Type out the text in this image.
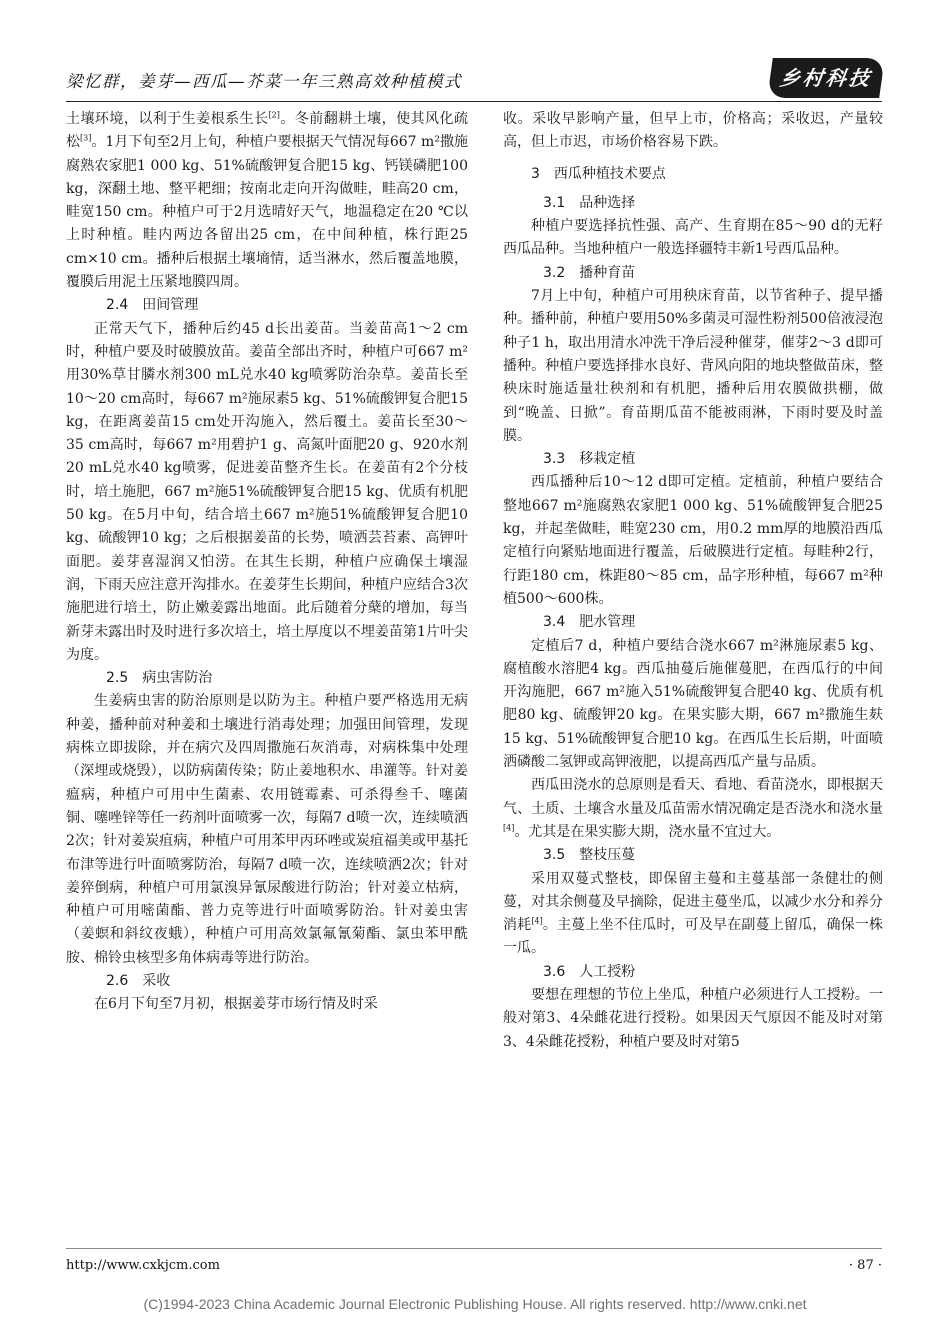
梁忆群，姜芽—西瓜—芥菜一年三熟高效种植模式	乡村科技

土壤环境，以利于生姜根系生长[2]。冬前翻耕土壤，使其风化疏松[3]。1月下旬至2月上旬，种植户要根据天气情况每667 m²撒施腐熟农家肥1 000 kg、51%硫酸钾复合肥15 kg、钙镁磷肥100 kg，深翻土地、整平耙细；按南北走向开沟做畦，畦高20 cm，畦宽150 cm。种植户可于2月选晴好天气，地温稳定在20 ℃以上时种植。畦内两边各留出25 cm，在中间种植，株行距25 cm×10 cm。播种后根据土壤墒情，适当淋水，然后覆盖地膜，覆膜后用泥土压紧地膜四周。

2.4　田间管理

正常天气下，播种后约45 d长出姜苗。当姜苗高1～2 cm时，种植户要及时破膜放苗。姜苗全部出齐时，种植户可667 m²用30%草甘膦水剂300 mL兑水40 kg喷雾防治杂草。姜苗长至10～20 cm高时，每667 m²施尿素5 kg、51%硫酸钾复合肥15 kg，在距离姜苗15 cm处开沟施入，然后覆土。姜苗长至30～35 cm高时，每667 m²用碧护1 g、高氮叶面肥20 g、920水剂20 mL兑水40 kg喷雾，促进姜苗整齐生长。在姜苗有2个分枝时，培土施肥，667 m²施51%硫酸钾复合肥15 kg、优质有机肥50 kg。在5月中旬，结合培土667 m²施51%硫酸钾复合肥10 kg、硫酸钾10 kg；之后根据姜苗的长势，喷洒芸苔素、高钾叶面肥。姜芽喜湿润又怕涝。在其生长期，种植户应确保土壤湿润，下雨天应注意开沟排水。在姜芽生长期间，种植户应结合3次施肥进行培土，防止嫩姜露出地面。此后随着分蘖的增加，每当新芽未露出时及时进行多次培土，培土厚度以不埋姜苗第1片叶尖为度。

2.5　病虫害防治

生姜病虫害的防治原则是以防为主。种植户要严格选用无病种姜，播种前对种姜和土壤进行消毒处理；加强田间管理，发现病株立即拔除，并在病穴及四周撒施石灰消毒，对病株集中处理（深埋或烧毁），以防病菌传染；防止姜地积水、串灌等。针对姜瘟病，种植户可用中生菌素、农用链霉素、可杀得叁千、噻菌铜、噻唑锌等任一药剂叶面喷雾一次，每隔7 d喷一次，连续喷洒2次；针对姜炭疽病，种植户可用苯甲丙环唑或炭疽福美或甲基托布津等进行叶面喷雾防治，每隔7 d喷一次，连续喷洒2次；针对姜猝倒病，种植户可用氯溴异氰尿酸进行防治；针对姜立枯病，种植户可用嘧菌酯、普力克等进行叶面喷雾防治。针对姜虫害（姜螟和斜纹夜蛾），种植户可用高效氯氟氰菊酯、氯虫苯甲酰胺、棉铃虫核型多角体病毒等进行防治。

2.6　采收

在6月下旬至7月初，根据姜芽市场行情及时采

收。采收早影响产量，但早上市，价格高；采收迟，产量较高，但上市迟，市场价格容易下跌。

3　西瓜种植技术要点
3.1　品种选择

种植户要选择抗性强、高产、生育期在85～90 d的无籽西瓜品种。当地种植户一般选择疆特丰新1号西瓜品种。

3.2　播种育苗

7月上中旬，种植户可用秧床育苗，以节省种子、提早播种。播种前，种植户要用50%多菌灵可湿性粉剂500倍液浸泡种子1 h，取出用清水冲洗干净后浸种催芽，催芽2～3 d即可播种。种植户要选择排水良好、背风向阳的地块整做苗床，整秧床时施适量壮秧剂和有机肥，播种后用农膜做拱棚，做到“晚盖、日掀”。育苗期瓜苗不能被雨淋，下雨时要及时盖膜。

3.3　移栽定植

西瓜播种后10～12 d即可定植。定植前，种植户要结合整地667 m²施腐熟农家肥1 000 kg、51%硫酸钾复合肥25 kg，并起垄做畦，畦宽230 cm，用0.2 mm厚的地膜沿西瓜定植行向紧贴地面进行覆盖，后破膜进行定植。每畦种2行，行距180 cm，株距80～85 cm，品字形种植，每667 m²种植500～600株。

3.4　肥水管理

定植后7 d，种植户要结合浇水667 m²淋施尿素5 kg、腐植酸水溶肥4 kg。西瓜抽蔓后施催蔓肥，在西瓜行的中间开沟施肥，667 m²施入51%硫酸钾复合肥40 kg、优质有机肥80 kg、硫酸钾20 kg。在果实膨大期，667 m²撒施生麸15 kg、51%硫酸钾复合肥10 kg。在西瓜生长后期，叶面喷洒磷酸二氢钾或高钾液肥，以提高西瓜产量与品质。

西瓜田浇水的总原则是看天、看地、看苗浇水，即根据天气、土质、土壤含水量及瓜苗需水情况确定是否浇水和浇水量[4]。尤其是在果实膨大期，浇水量不宜过大。

3.5　整枝压蔓

采用双蔓式整枝，即保留主蔓和主蔓基部一条健壮的侧蔓，对其余侧蔓及早摘除，促进主蔓坐瓜，以减少水分和养分消耗[4]。主蔓上坐不住瓜时，可及早在副蔓上留瓜，确保一株一瓜。

3.6　人工授粉

要想在理想的节位上坐瓜，种植户必须进行人工授粉。一般对第3、4朵雌花进行授粉。如果因天气原因不能及时对第3、4朵雌花授粉，种植户要及时对第5

http://www.cxkjcm.com	· 87 ·
(C)1994-2023 China Academic Journal Electronic Publishing House. All rights reserved. http://www.cnki.net
